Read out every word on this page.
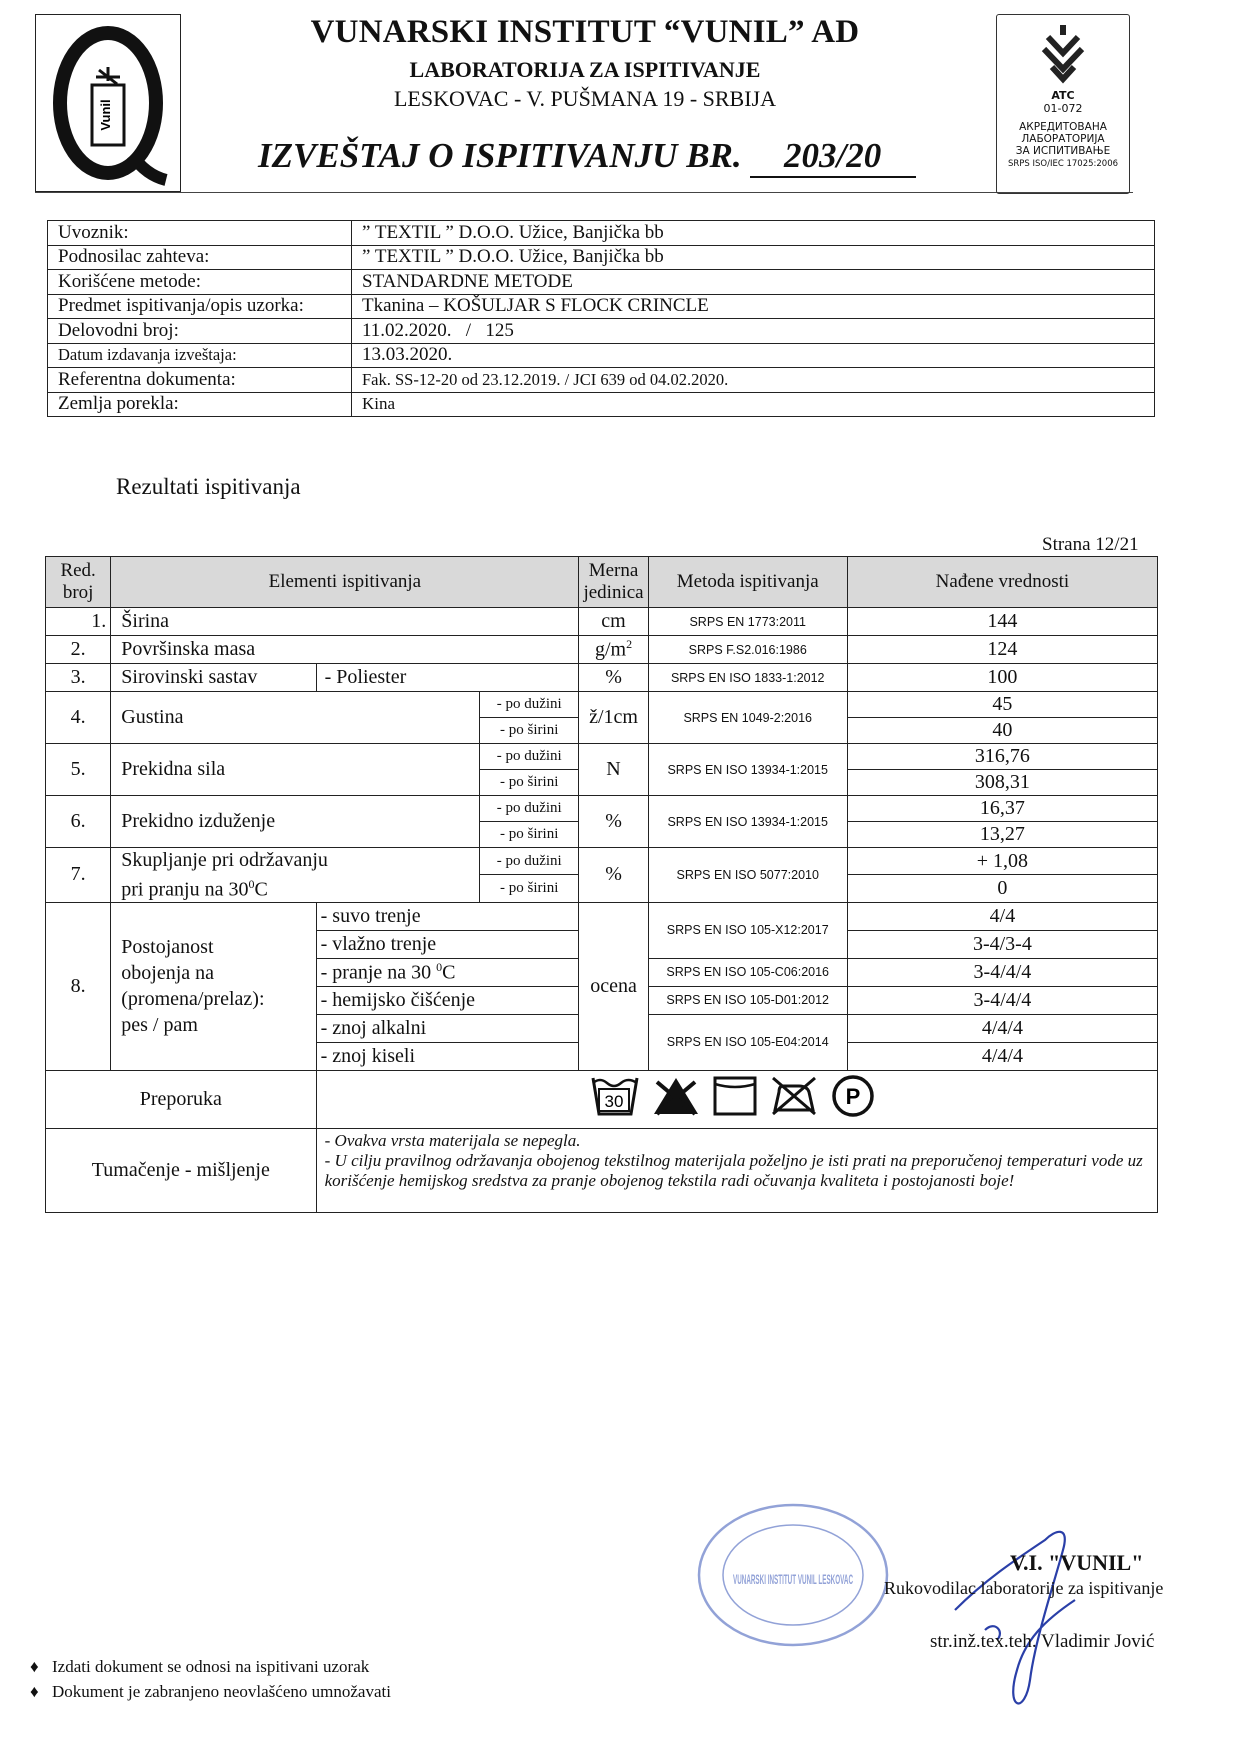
Vunil
VUNARSKI INSTITUT “VUNIL” AD
LABORATORIJA ZA ISPITIVANJE
LESKOVAC - V. PUŠMANA 19 - SRBIJA
IZVEŠTAJ O ISPITIVANJU BR. 203/20
ATC
01-072
АКРЕДИТОВАНА
ЛАБОРАТОРИЈА
ЗА ИСПИТИВАЊЕ
SRPS ISO/IEC 17025:2006
Uvoznik:	” TEXTIL ” D.O.O. Užice, Banjička bb
Podnosilac zahteva:	” TEXTIL ” D.O.O. Užice, Banjička bb
Korišćene metode:	STANDARDNE METODE
Predmet ispitivanja/opis uzorka:	Tkanina – KOŠULJAR S FLOCK CRINCLE
Delovodni broj:	11.02.2020.   /   125
Datum izdavanja izveštaja:	13.03.2020.
Referentna dokumenta:	Fak. SS-12-20 od 23.12.2019. / JCI 639 od 04.02.2020.
Zemlja porekla:	Kina
Rezultati ispitivanja
Strana 12/21
Red. broj	Elementi ispitivanja			Merna jedinica	Metoda ispitivanja	Nađene vrednosti
1.	Širina			cm	SRPS EN 1773:2011	144
2.	Površinska masa			$g/m^2$	SRPS F.S2.016:1986	124
3.	Sirovinski sastav	- Poliester		%	SRPS EN ISO 1833-1:2012	100
4.	Gustina		- po dužini	ž/1cm	SRPS EN 1049-2:2016	45
			- po širini			40
5.	Prekidna sila		- po dužini	N	SRPS EN ISO 13934-1:2015	316,76
			- po širini			308,31
6.	Prekidno izduženje		- po dužini	%	SRPS EN ISO 13934-1:2015	16,37
			- po širini			13,27
7.	Skupljanje pri održavanju
pri pranju na $30^0C$		- po dužini	%	SRPS EN ISO 5077:2010	+ 1,08
			- po širini			0
8.	Postojanost
obojenja na
(promena/prelaz):
pes / pam	- suvo trenje		ocena	SRPS EN ISO 105-X12:2017	4/4
		- vlažno trenje				3-4/3-4
		- pranje na 30 $^0$C			SRPS EN ISO 105-C06:2016	3-4/4/4
		- hemijsko čišćenje			SRPS EN ISO 105-D01:2012	3-4/4/4
		- znoj alkalni			SRPS EN ISO 105-E04:2014	4/4/4
		- znoj kiseli				4/4/4
Preporuka		30
P				

Tumačenje - mišljenje		- Ovakva vrsta materijala se nepegla.
- U cilju pravilnog održavanja obojenog tekstilnog materijala poželjno je isti prati na preporučenoj temperaturi vode uz korišćenje hemijskog sredstva za pranje obojenog tekstila radi očuvanja kvaliteta i postojanosti boje!				
VUNARSKI INSTITUT VUNIL LESKOVAC
V.I. "VUNIL"
Rukovodilac laboratorije za ispitivanje
str.inž.tex.teh. Vladimir Jović
♦ Izdati dokument se odnosi na ispitivani uzorak
♦ Dokument je zabranjeno neovlašćeno umnožavati
